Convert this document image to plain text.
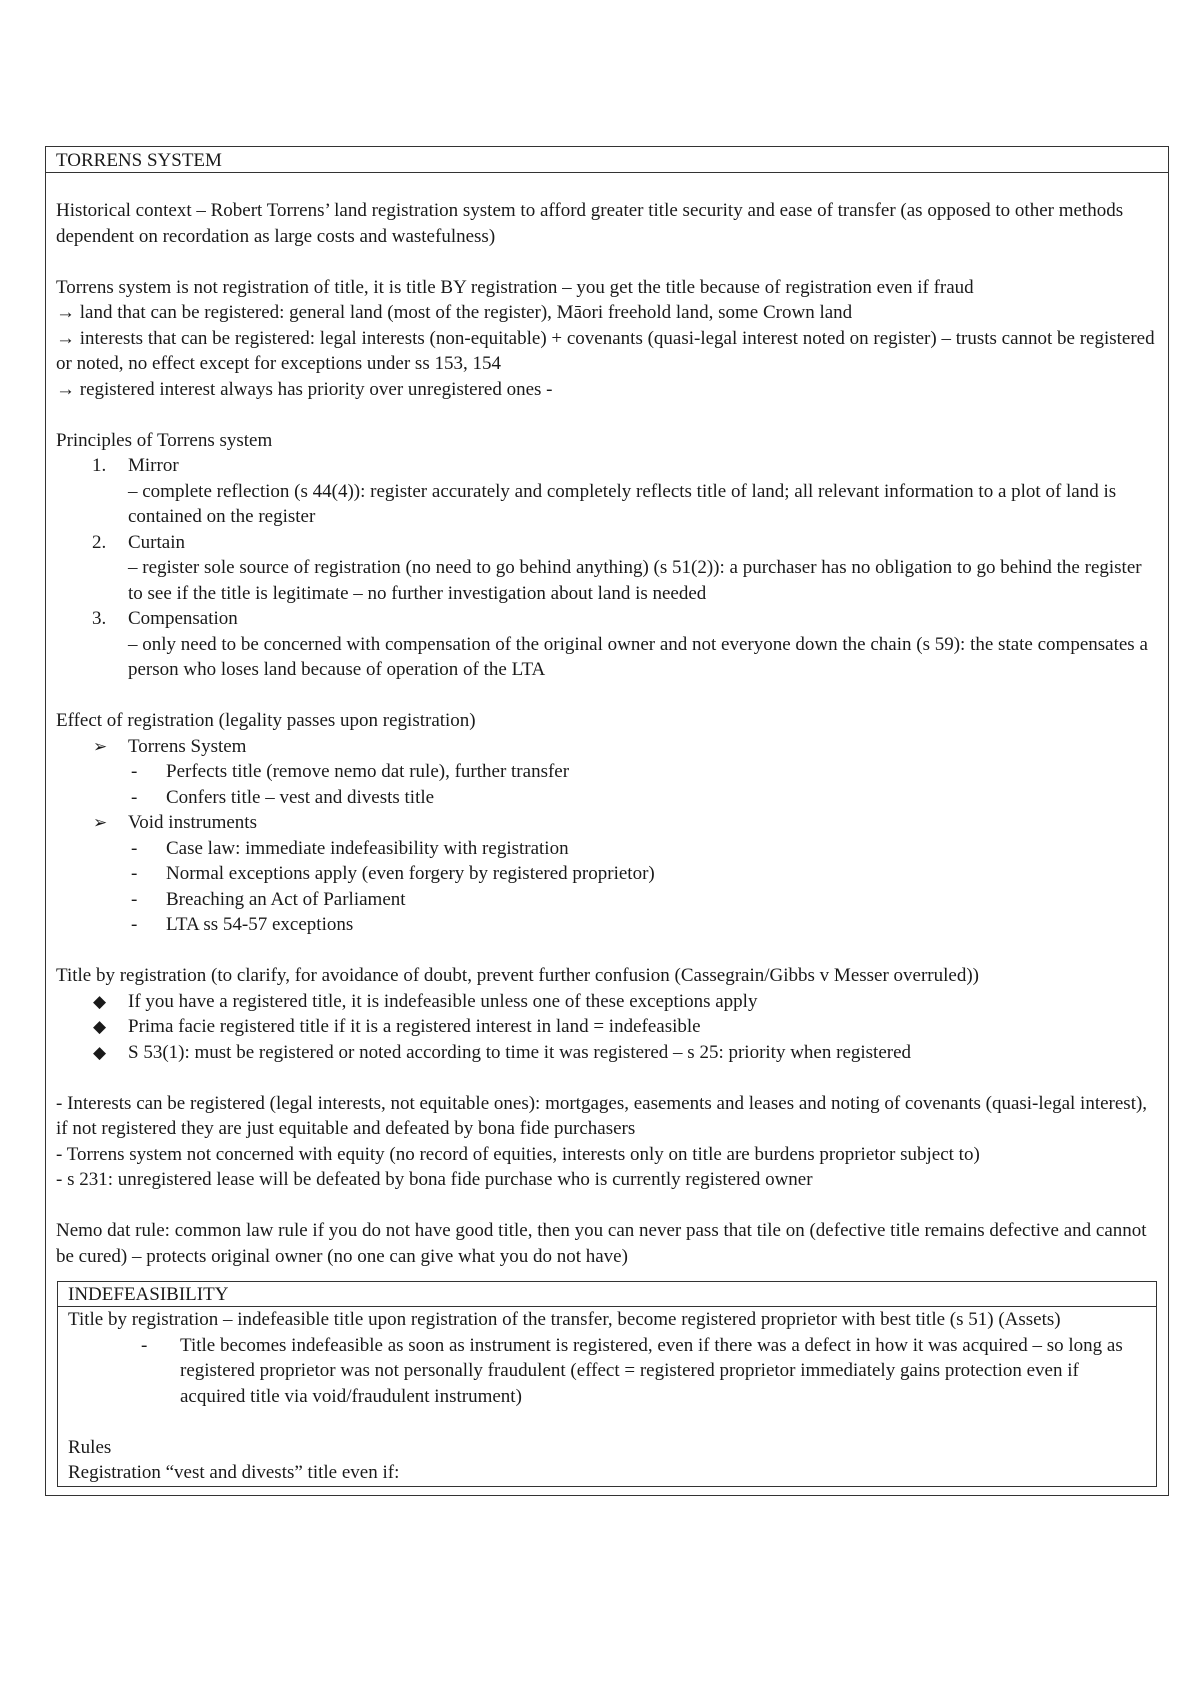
TORRENS SYSTEM

Historical context – Robert Torrens’ land registration system to afford greater title security and ease of transfer (as opposed to other methods dependent on recordation as large costs and wastefulness)

Torrens system is not registration of title, it is title BY registration – you get the title because of registration even if fraud

→ land that can be registered: general land (most of the register), Māori freehold land, some Crown land

→ interests that can be registered: legal interests (non-equitable) + covenants (quasi-legal interest noted on register) – trusts cannot be registered or noted, no effect except for exceptions under ss 153, 154

→ registered interest always has priority over unregistered ones -

Principles of Torrens system

1. Mirror
– complete reflection (s 44(4)): register accurately and completely reflects title of land; all relevant information to a plot of land is contained on the register
2. Curtain
– register sole source of registration (no need to go behind anything) (s 51(2)): a purchaser has no obligation to go behind the register to see if the title is legitimate – no further investigation about land is needed
3. Compensation
– only need to be concerned with compensation of the original owner and not everyone down the chain (s 59): the state compensates a person who loses land because of operation of the LTA

Effect of registration (legality passes upon registration)

➢ Torrens System
- Perfects title (remove nemo dat rule), further transfer
- Confers title – vest and divests title
➢ Void instruments
- Case law: immediate indefeasibility with registration
- Normal exceptions apply (even forgery by registered proprietor)
- Breaching an Act of Parliament
- LTA ss 54-57 exceptions

Title by registration (to clarify, for avoidance of doubt, prevent further confusion (Cassegrain/Gibbs v Messer overruled))

◆ If you have a registered title, it is indefeasible unless one of these exceptions apply
◆ Prima facie registered title if it is a registered interest in land = indefeasible
◆ S 53(1): must be registered or noted according to time it was registered – s 25: priority when registered

- Interests can be registered (legal interests, not equitable ones): mortgages, easements and leases and noting of covenants (quasi-legal interest), if not registered they are just equitable and defeated by bona fide purchasers

- Torrens system not concerned with equity (no record of equities, interests only on title are burdens proprietor subject to)

- s 231: unregistered lease will be defeated by bona fide purchase who is currently registered owner

Nemo dat rule: common law rule if you do not have good title, then you can never pass that tile on (defective title remains defective and cannot be cured) – protects original owner (no one can give what you do not have)

INDEFEASIBILITY

Title by registration – indefeasible title upon registration of the transfer, become registered proprietor with best title (s 51) (Assets)

- Title becomes indefeasible as soon as instrument is registered, even if there was a defect in how it was acquired – so long as registered proprietor was not personally fraudulent (effect = registered proprietor immediately gains protection even if acquired title via void/fraudulent instrument)

Rules

Registration “vest and divests” title even if:
